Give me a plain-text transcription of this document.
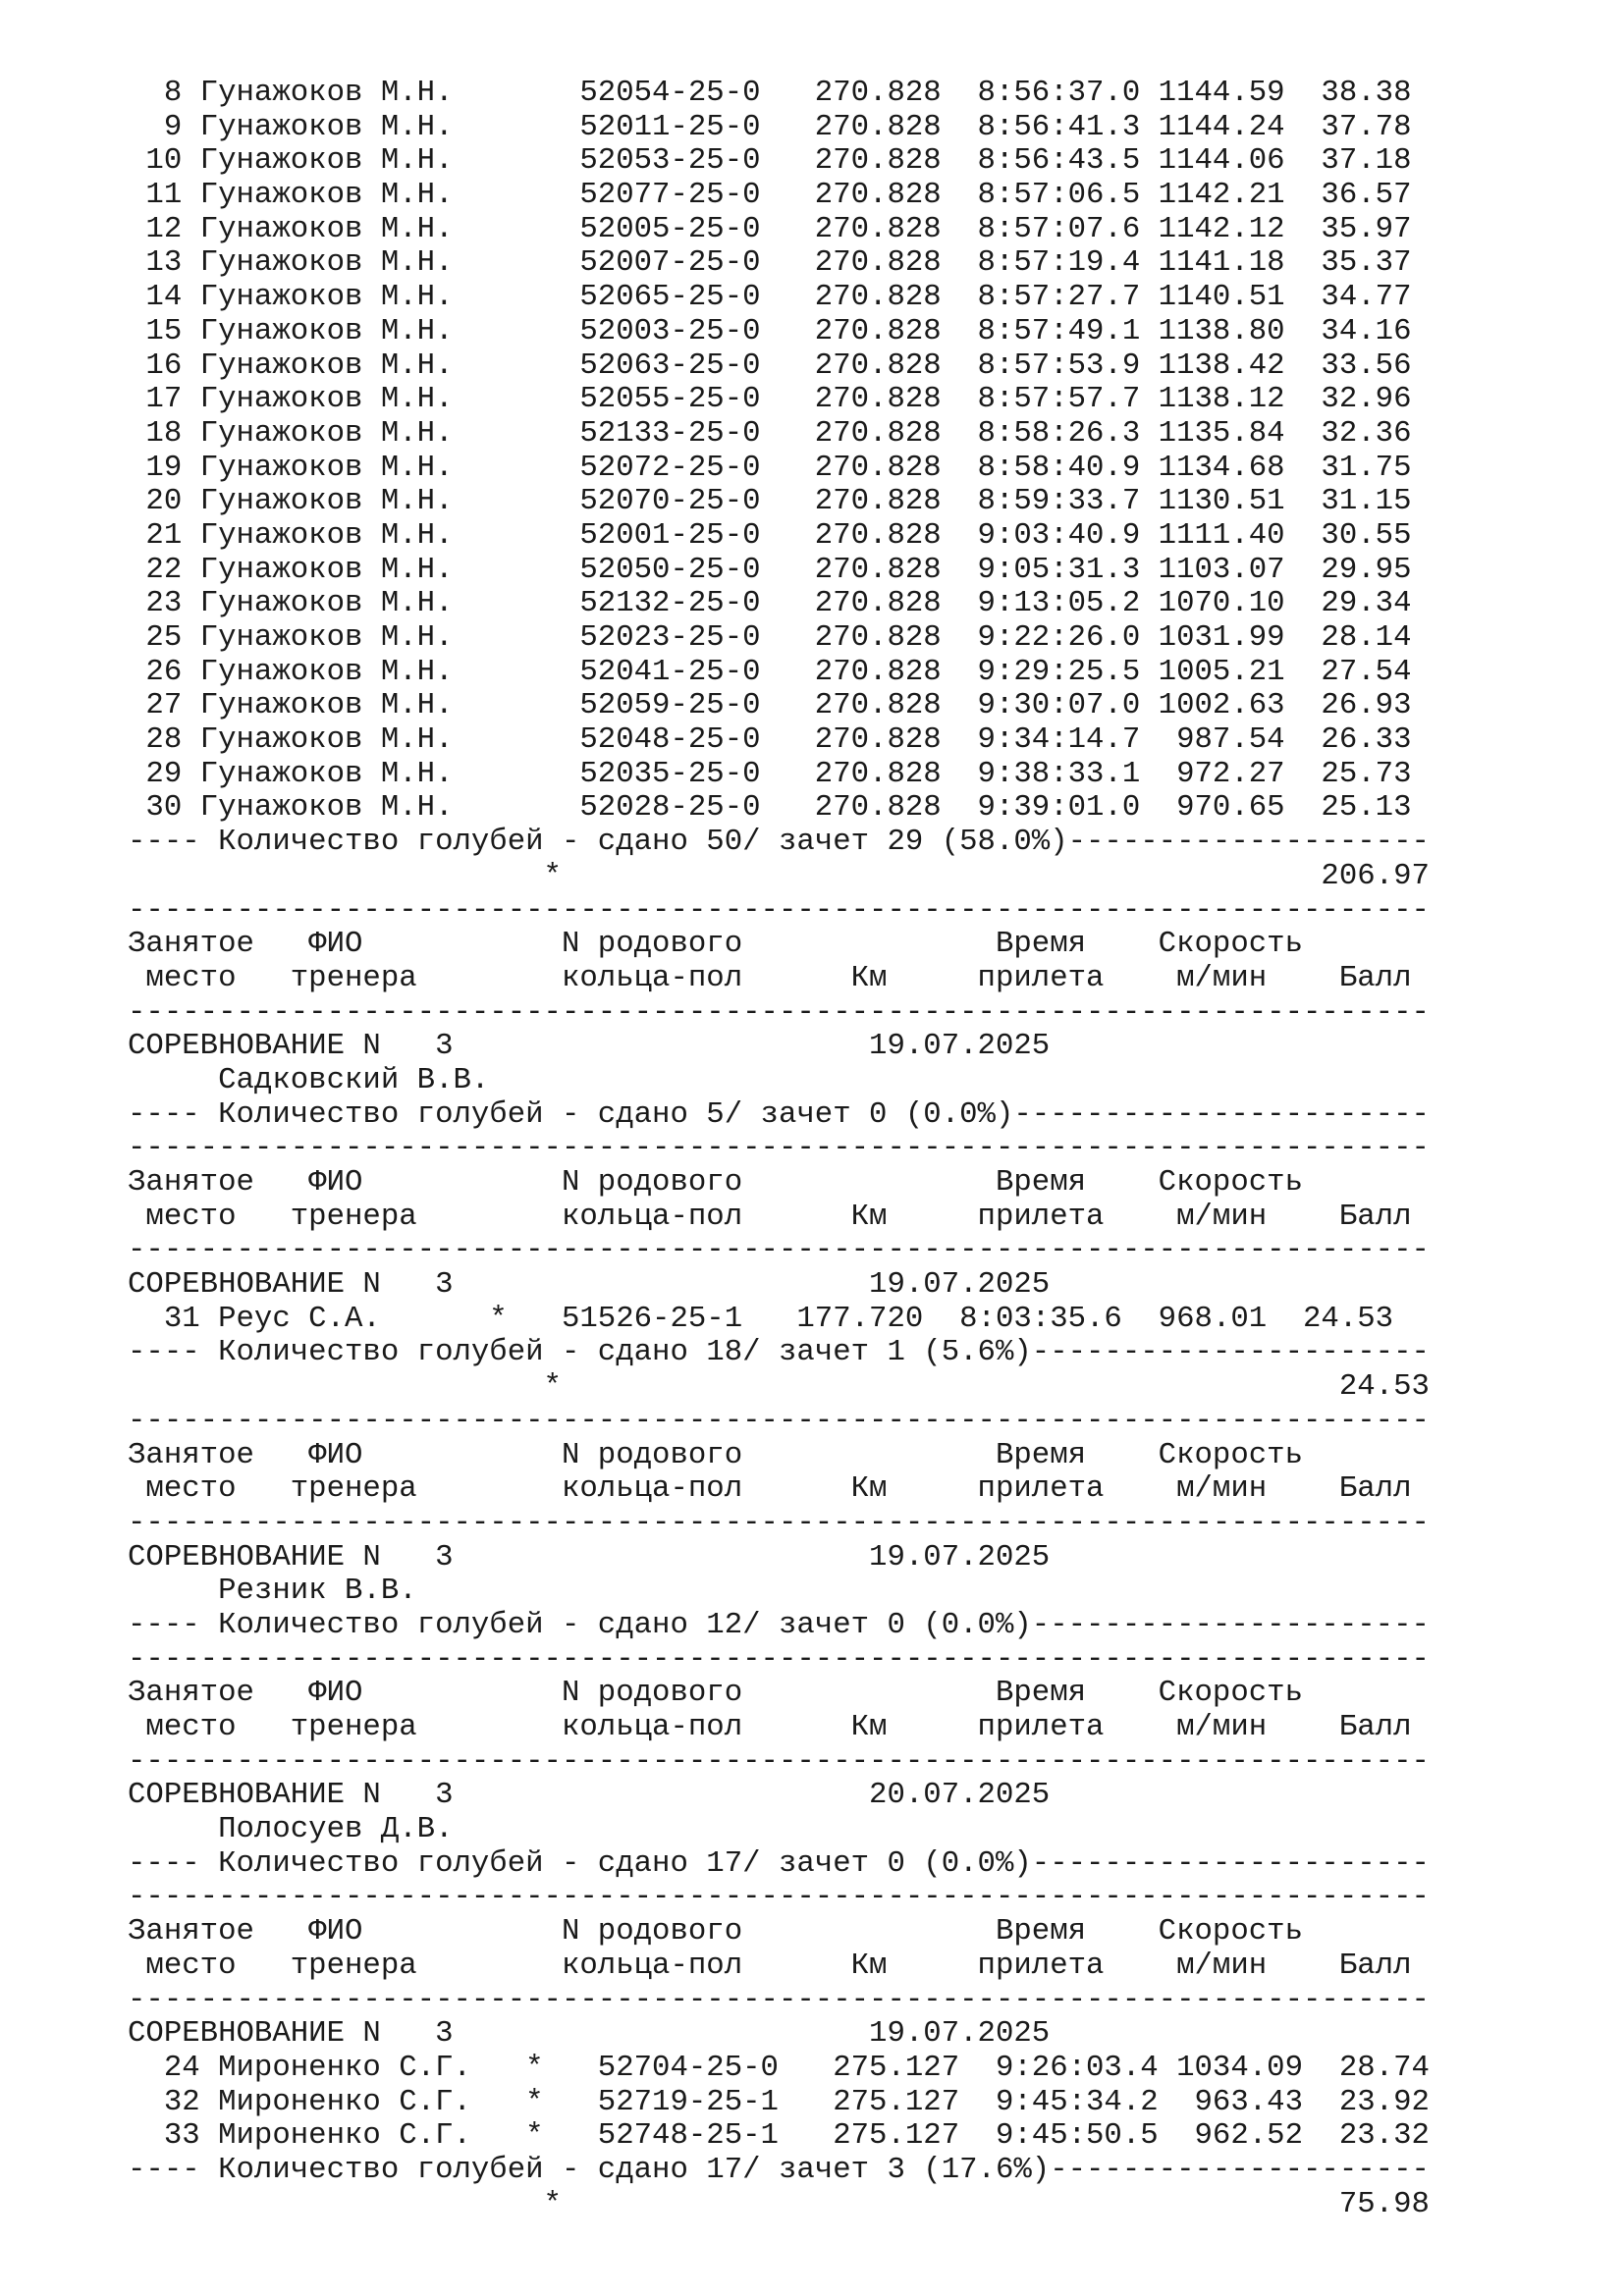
8 Гунажоков М.Н.       52054-25-0   270.828  8:56:37.0 1144.59  38.38
9 Гунажоков М.Н.       52011-25-0   270.828  8:56:41.3 1144.24  37.78
10 Гунажоков М.Н.       52053-25-0   270.828  8:56:43.5 1144.06  37.18
11 Гунажоков М.Н.       52077-25-0   270.828  8:57:06.5 1142.21  36.57
12 Гунажоков М.Н.       52005-25-0   270.828  8:57:07.6 1142.12  35.97
13 Гунажоков М.Н.       52007-25-0   270.828  8:57:19.4 1141.18  35.37
14 Гунажоков М.Н.       52065-25-0   270.828  8:57:27.7 1140.51  34.77
15 Гунажоков М.Н.       52003-25-0   270.828  8:57:49.1 1138.80  34.16
16 Гунажоков М.Н.       52063-25-0   270.828  8:57:53.9 1138.42  33.56
17 Гунажоков М.Н.       52055-25-0   270.828  8:57:57.7 1138.12  32.96
18 Гунажоков М.Н.       52133-25-0   270.828  8:58:26.3 1135.84  32.36
19 Гунажоков М.Н.       52072-25-0   270.828  8:58:40.9 1134.68  31.75
20 Гунажоков М.Н.       52070-25-0   270.828  8:59:33.7 1130.51  31.15
21 Гунажоков М.Н.       52001-25-0   270.828  9:03:40.9 1111.40  30.55
22 Гунажоков М.Н.       52050-25-0   270.828  9:05:31.3 1103.07  29.95
23 Гунажоков М.Н.       52132-25-0   270.828  9:13:05.2 1070.10  29.34
25 Гунажоков М.Н.       52023-25-0   270.828  9:22:26.0 1031.99  28.14
26 Гунажоков М.Н.       52041-25-0   270.828  9:29:25.5 1005.21  27.54
27 Гунажоков М.Н.       52059-25-0   270.828  9:30:07.0 1002.63  26.93
28 Гунажоков М.Н.       52048-25-0   270.828  9:34:14.7  987.54  26.33
29 Гунажоков М.Н.       52035-25-0   270.828  9:38:33.1  972.27  25.73
30 Гунажоков М.Н.       52028-25-0   270.828  9:39:01.0  970.65  25.13
---- Количество голубей - сдано 50/ зачет 29 (58.0%)--------------------
*                                          206.97
------------------------------------------------------------------------
Занятое   ФИО           N родового              Время    Скорость
место   тренера        кольца-пол      Км     прилета    м/мин    Балл
------------------------------------------------------------------------
СОРЕВНОВАНИЕ N   3                       19.07.2025
Садковский В.В.
---- Количество голубей - сдано 5/ зачет 0 (0.0%)-----------------------
------------------------------------------------------------------------
Занятое   ФИО           N родового              Время    Скорость
место   тренера        кольца-пол      Км     прилета    м/мин    Балл
------------------------------------------------------------------------
СОРЕВНОВАНИЕ N   3                       19.07.2025
31 Реус С.А.      *   51526-25-1   177.720  8:03:35.6  968.01  24.53
---- Количество голубей - сдано 18/ зачет 1 (5.6%)----------------------
*                                           24.53
------------------------------------------------------------------------
Занятое   ФИО           N родового              Время    Скорость
место   тренера        кольца-пол      Км     прилета    м/мин    Балл
------------------------------------------------------------------------
СОРЕВНОВАНИЕ N   3                       19.07.2025
Резник В.В.
---- Количество голубей - сдано 12/ зачет 0 (0.0%)----------------------
------------------------------------------------------------------------
Занятое   ФИО           N родового              Время    Скорость
место   тренера        кольца-пол      Км     прилета    м/мин    Балл
------------------------------------------------------------------------
СОРЕВНОВАНИЕ N   3                       20.07.2025
Полосуев Д.В.
---- Количество голубей - сдано 17/ зачет 0 (0.0%)----------------------
------------------------------------------------------------------------
Занятое   ФИО           N родового              Время    Скорость
место   тренера        кольца-пол      Км     прилета    м/мин    Балл
------------------------------------------------------------------------
СОРЕВНОВАНИЕ N   3                       19.07.2025
24 Мироненко С.Г.   *   52704-25-0   275.127  9:26:03.4 1034.09  28.74
32 Мироненко С.Г.   *   52719-25-1   275.127  9:45:34.2  963.43  23.92
33 Мироненко С.Г.   *   52748-25-1   275.127  9:45:50.5  962.52  23.32
---- Количество голубей - сдано 17/ зачет 3 (17.6%)---------------------
*                                           75.98
